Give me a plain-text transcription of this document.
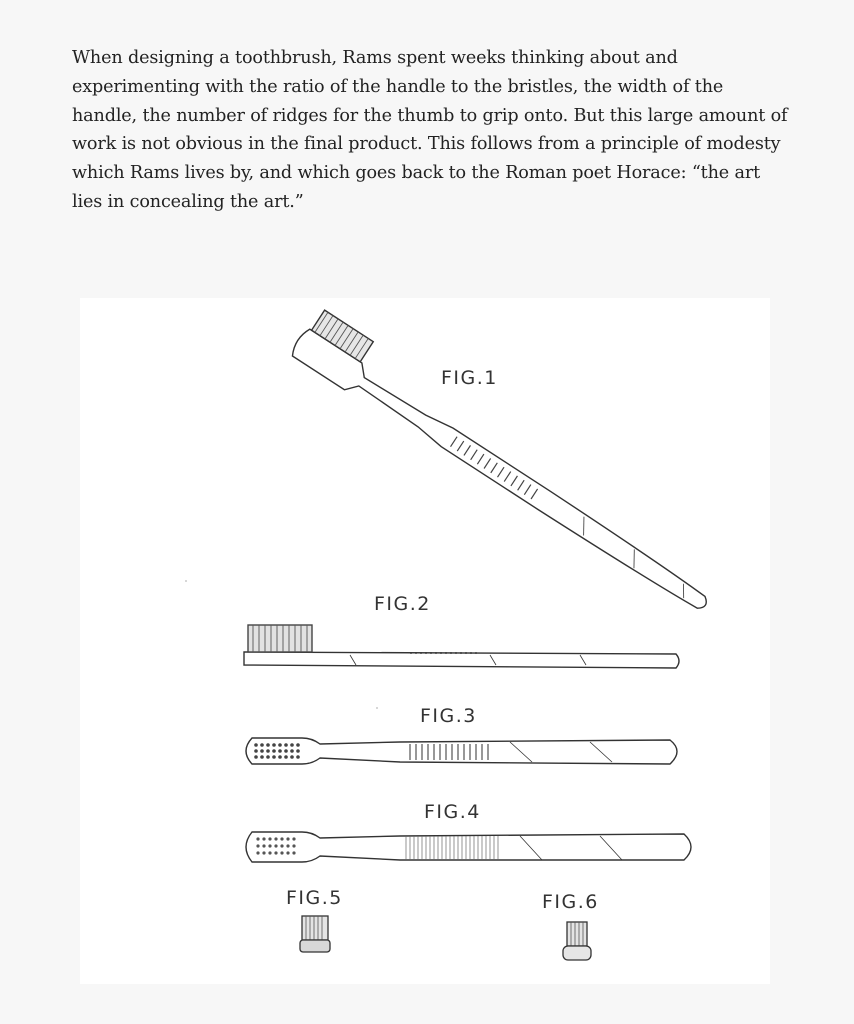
When designing a toothbrush, Rams spent weeks thinking about and experimenting with the ratio of the handle to the bristles, the width of the handle, the number of ridges for the thumb to grip onto. But this large amount of work is not obvious in the final product. This follows from a principle of modesty which Rams lives by, and which goes back to the Roman poet Horace: “the art lies in concealing the art.”

FIG.1
FIG.2
FIG.3
FIG.4
FIG.5	FIG.6
